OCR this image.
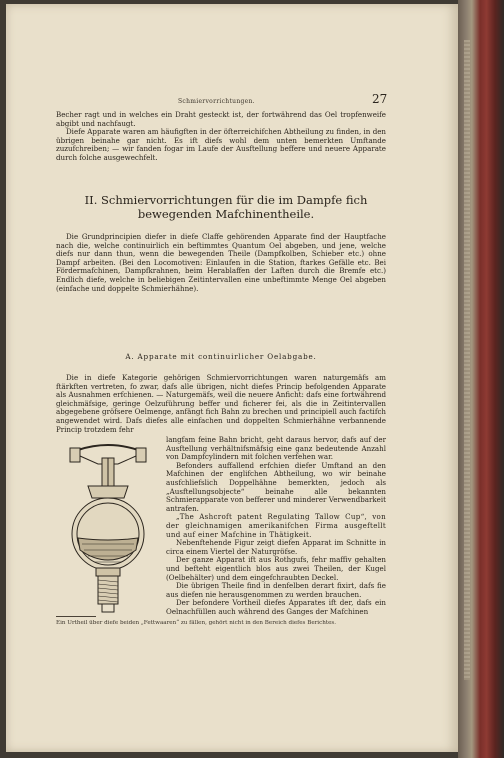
Schmiervorrichtungen.	27

Becher ragt und in welches ein Draht gesteckt ist, der fortwährend das Oel tropfenweife abgibt und nachfaugt.

Diefe Apparate waren am häufigften in der öfterreichifchen Abtheilung zu finden, in den übrigen beinahe gar nicht. Es ift diefs wohl dem unten bemerkten Umftande zuzufchreiben; — wir fanden fogar im Laufe der Ausftellung beffere und neuere Apparate durch folche ausgewechfelt.

II. Schmiervorrichtungen für die im Dampfe fich bewegenden Mafchinentheile.

Die Grundprincipien diefer in diefe Claffe gehörenden Apparate find der Hauptfache nach die, welche continuirlich ein beftimmtes Quantum Oel abgeben, und jene, welche diefs nur dann thun, wenn die bewegenden Theile (Dampfkolben, Schieber etc.) ohne Dampf arbeiten. (Bei den Locomotiven: Einlaufen in die Station, ftarkes Gefälle etc. Bei Fördermafchinen, Dampfkrahnen, beim Herablaffen der Laften durch die Bremfe etc.) Endlich diefe, welche in beliebigen Zeitintervallen eine unbeftimmte Menge Oel abgeben (einfache und doppelte Schmierhähne).

A. Apparate mit continuirlicher Oelabgabe.

Die in diefe Kategorie gehörigen Schmiervorrichtungen waren naturgemäfs am ftärkften vertreten, fo zwar, dafs alle übrigen, nicht diefes Princip befolgenden Apparate als Ausnahmen erfchienen. — Naturgemäfs, weil die neuere Anficht: dafs eine fortwährend gleichmäfsige, geringe Oelzuführung beffer und ficherer fei, als die in Zeitintervallen abgegebene gröfsere Oelmenge, anfängt fich Bahn zu brechen und principiell auch factifch angewendet wird. Dafs diefes alle einfachen und doppelten Schmierhähne verbannende Princip trotzdem fehr

langfam feine Bahn bricht, geht daraus hervor, dafs auf der Ausftellung verhältnifsmäfsig eine ganz bedeutende Anzahl von Dampfcylindern mit folchen verfehen war.

Befonders auffallend erfchien diefer Umftand an den Mafchinen der englifchen Abtheilung, wo wir beinahe ausfchliefslich Doppelhähne bemerkten, jedoch als „Ausftellungsobjecte“ beinahe alle bekannten Schmierapparate von befferer und minderer Verwendbarkeit antrafen.

„The Ashcroft patent Regulating Tallow Cup“, von der gleichnamigen amerikanifchen Firma ausgeftellt und auf einer Mafchine in Thätigkeit.

Nebenftehende Figur zeigt diefen Apparat im Schnitte in circa einem Viertel der Naturgröfse.

Der ganze Apparat ift aus Rothgufs, fehr maffiv gehalten und befteht eigentlich blos aus zwei Theilen, der Kugel (Oelbehälter) und dem eingefchraubten Deckel.

Die übrigen Theile find in denfelben derart fixirt, dafs fie aus diefen nie herausgenommen zu werden brauchen.

Der befondere Vortheil diefes Apparates ift der, dafs ein Oelnachfüllen auch während des Ganges der Mafchinen

Ein Urtheil über diefe beiden „Fettwaaren“ zu fällen, gehört nicht in den Bereich diefes Berichtes.
